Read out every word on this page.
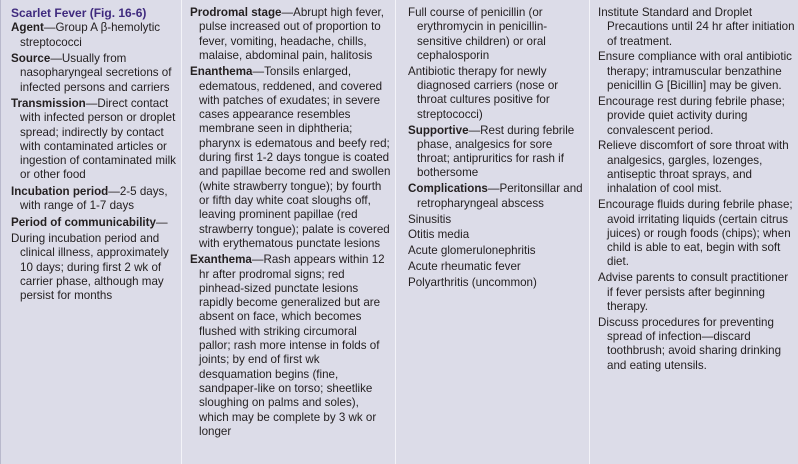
Scarlet Fever (Fig. 16-6)
Agent—Group A β-hemolytic streptococci
Source—Usually from nasopharyngeal secretions of infected persons and carriers
Transmission—Direct contact with infected person or droplet spread; indirectly by contact with contaminated articles or ingestion of contaminated milk or other food
Incubation period—2-5 days, with range of 1-7 days
Period of communicability—
During incubation period and clinical illness, approximately 10 days; during first 2 wk of carrier phase, although may persist for months
Prodromal stage—Abrupt high fever, pulse increased out of proportion to fever, vomiting, headache, chills, malaise, abdominal pain, halitosis
Enanthema—Tonsils enlarged, edematous, reddened, and covered with patches of exudates; in severe cases appearance resembles membrane seen in diphtheria; pharynx is edematous and beefy red; during first 1-2 days tongue is coated and papillae become red and swollen (white strawberry tongue); by fourth or fifth day white coat sloughs off, leaving prominent papillae (red strawberry tongue); palate is covered with erythematous punctate lesions
Exanthema—Rash appears within 12 hr after prodromal signs; red pinhead-sized punctate lesions rapidly become generalized but are absent on face, which becomes flushed with striking circumoral pallor; rash more intense in folds of joints; by end of first wk desquamation begins (fine, sandpaper-like on torso; sheetlike sloughing on palms and soles), which may be complete by 3 wk or longer
Full course of penicillin (or erythromycin in penicillin-sensitive children) or oral cephalosporin
Antibiotic therapy for newly diagnosed carriers (nose or throat cultures positive for streptococci)
Supportive—Rest during febrile phase, analgesics for sore throat; antipruritics for rash if bothersome
Complications—Peritonsillar and retropharyngeal abscess
Sinusitis
Otitis media
Acute glomerulonephritis
Acute rheumatic fever
Polyarthritis (uncommon)
Institute Standard and Droplet Precautions until 24 hr after initiation of treatment.
Ensure compliance with oral antibiotic therapy; intramuscular benzathine penicillin G [Bicillin] may be given.
Encourage rest during febrile phase; provide quiet activity during convalescent period.
Relieve discomfort of sore throat with analgesics, gargles, lozenges, antiseptic throat sprays, and inhalation of cool mist.
Encourage fluids during febrile phase; avoid irritating liquids (certain citrus juices) or rough foods (chips); when child is able to eat, begin with soft diet.
Advise parents to consult practitioner if fever persists after beginning therapy.
Discuss procedures for preventing spread of infection—discard toothbrush; avoid sharing drinking and eating utensils.
